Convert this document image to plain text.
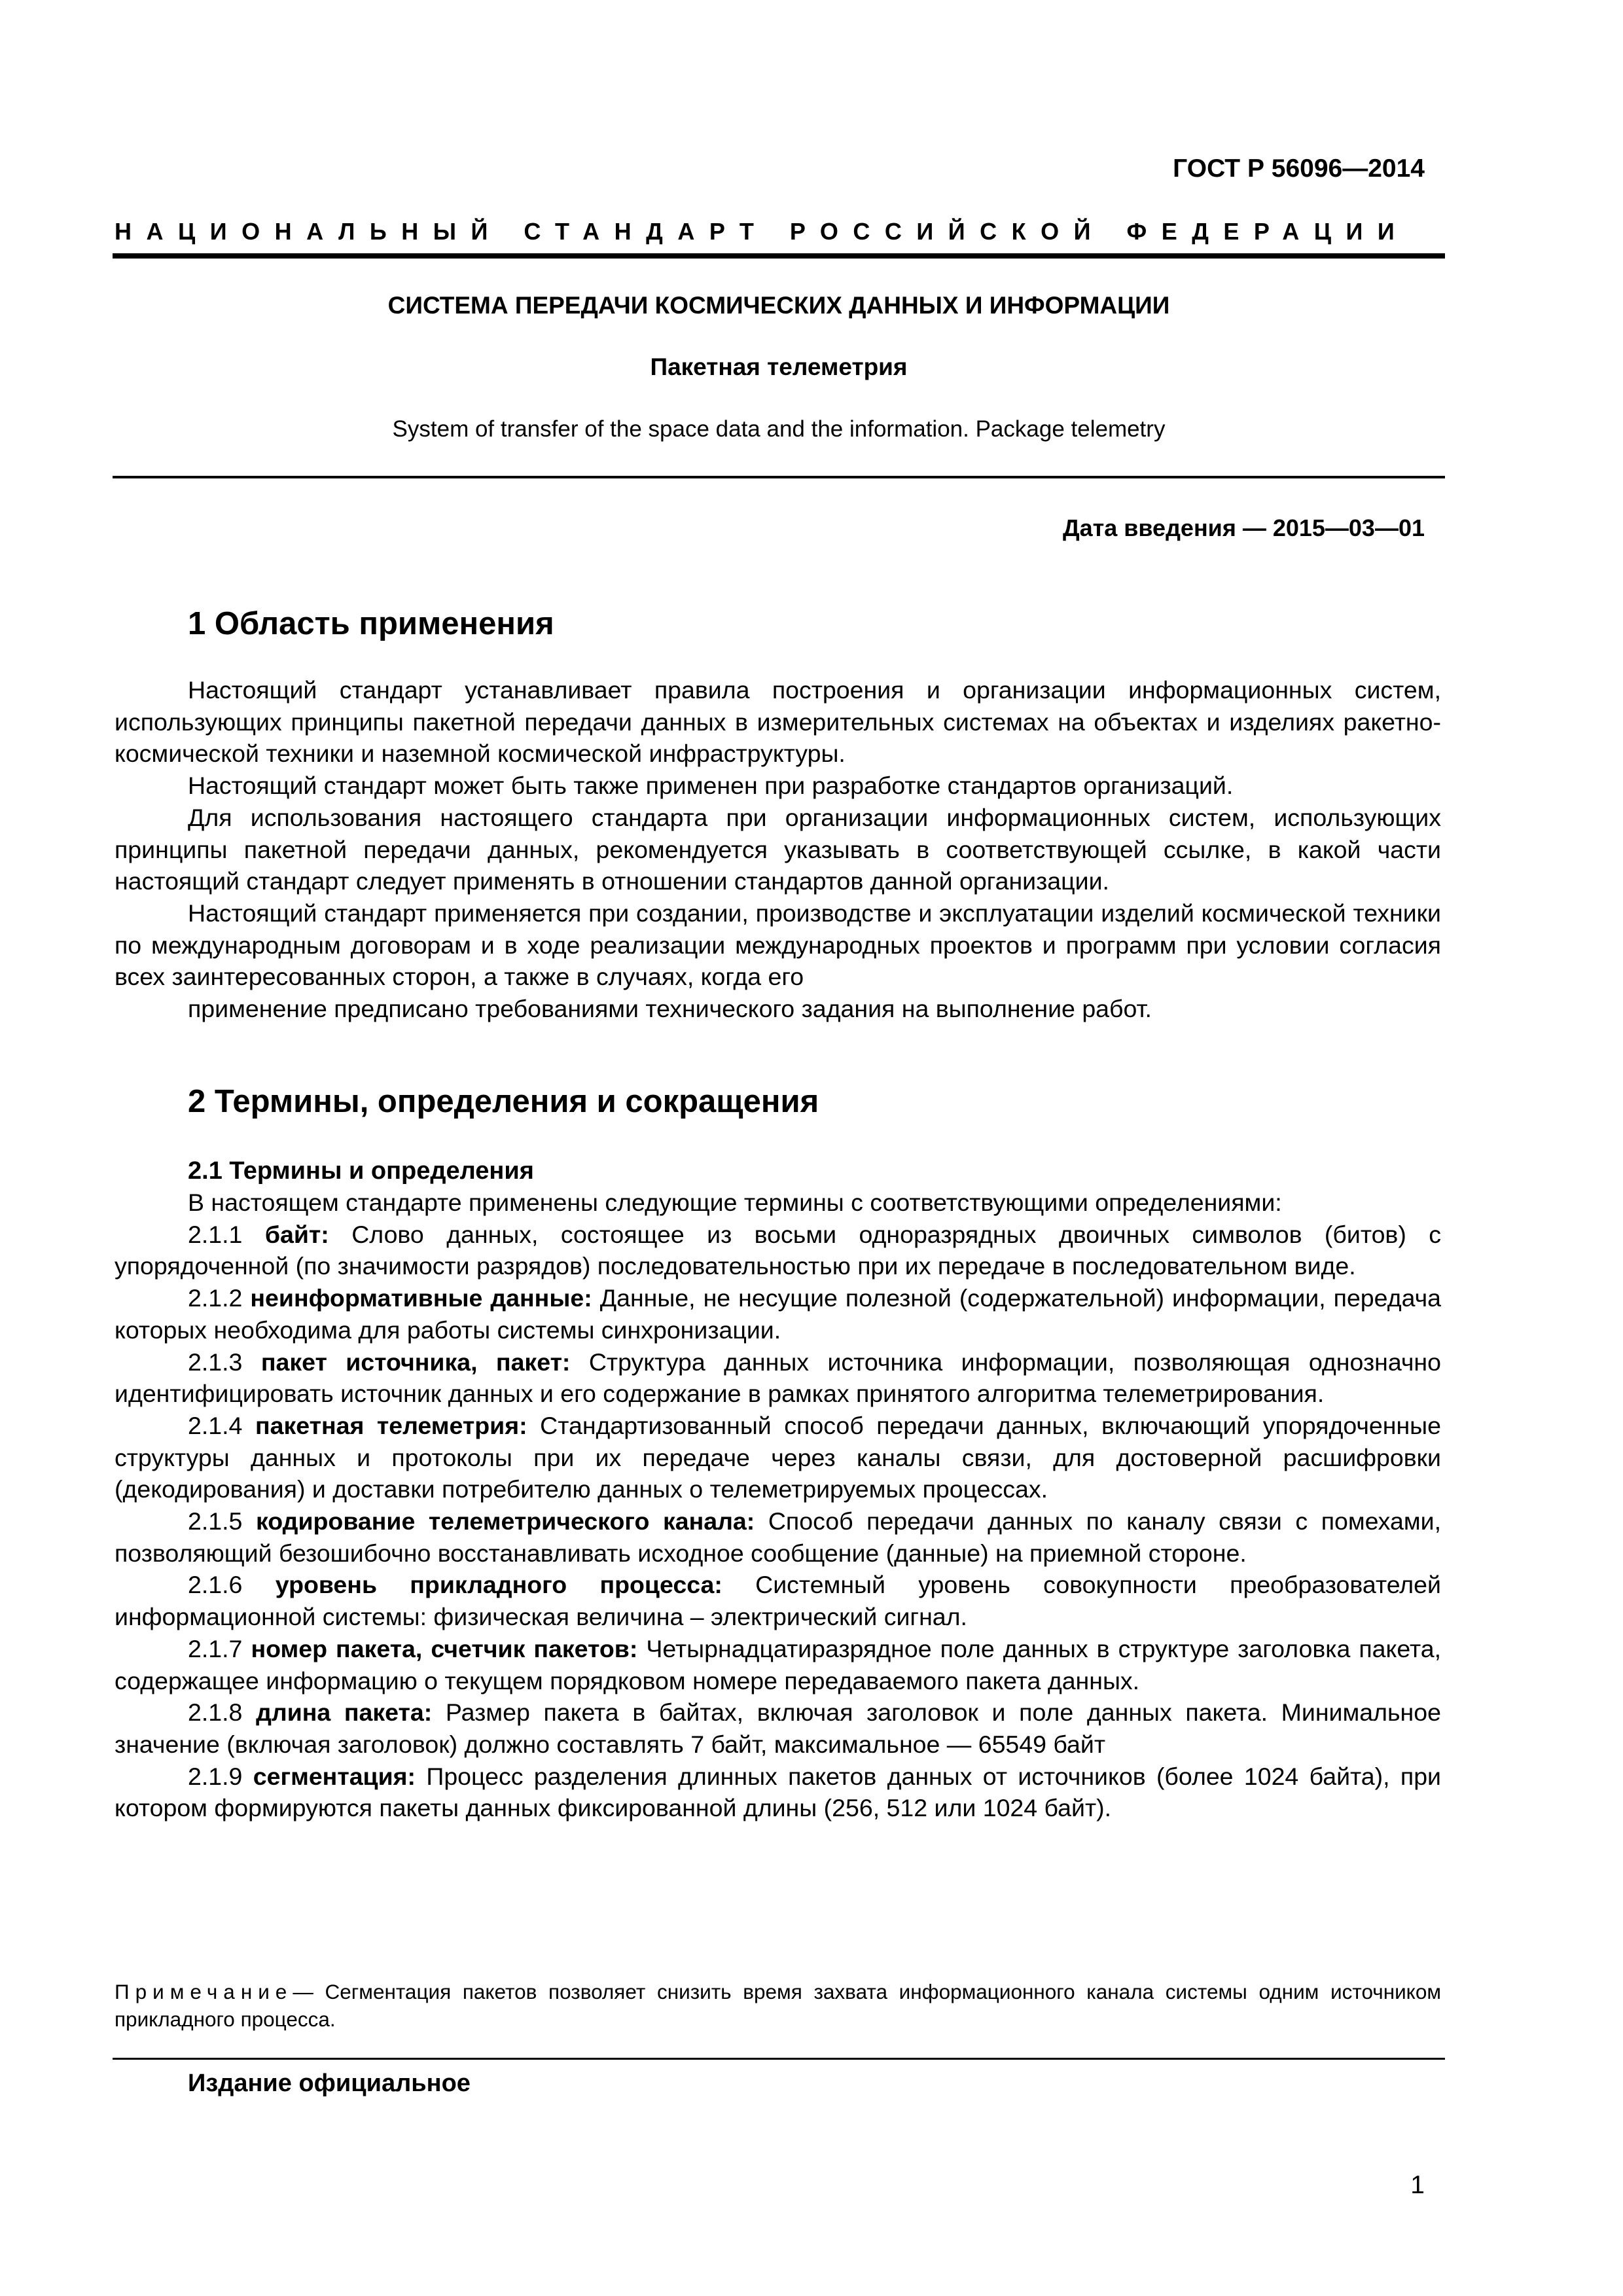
ГОСТ Р 56096—2014
НАЦИОНАЛЬНЫЙ СТАНДАРТ РОССИЙСКОЙ ФЕДЕРАЦИИ
СИСТЕМА ПЕРЕДАЧИ КОСМИЧЕСКИХ ДАННЫХ И ИНФОРМАЦИИ
Пакетная телеметрия
System of transfer of the space data and the information. Package telemetry
Дата введения — 2015—03—01
1 Область применения

Настоящий стандарт устанавливает правила построения и организации информационных систем, использующих принципы пакетной передачи данных в измерительных системах на объектах и изделиях ракетно-космической техники и наземной космической инфраструктуры.

Настоящий стандарт может быть также применен при разработке стандартов организаций.

Для использования настоящего стандарта при организации информационных систем, использующих принципы пакетной передачи данных, рекомендуется указывать в соответствующей ссылке, в какой части настоящий стандарт следует применять в отношении стандартов данной организации.

Настоящий стандарт применяется при создании, производстве и эксплуатации изделий космической техники по международным договорам и в ходе реализации международных проектов и программ при условии согласия всех заинтересованных сторон, а также в случаях, когда его

применение предписано требованиями технического задания на выполнение работ.

2 Термины, определения и сокращения
2.1 Термины и определения

В настоящем стандарте применены следующие термины с соответствующими определениями:

2.1.1 байт: Слово данных, состоящее из восьми одноразрядных двоичных символов (битов) с упорядоченной (по значимости разрядов) последовательностью при их передаче в последовательном виде.

2.1.2 неинформативные данные: Данные, не несущие полезной (содержательной) информации, передача которых необходима для работы системы синхронизации.

2.1.3 пакет источника, пакет: Структура данных источника информации, позволяющая однозначно идентифицировать источник данных и его содержание в рамках принятого алгоритма телеметрирования.

2.1.4 пакетная телеметрия: Стандартизованный способ передачи данных, включающий упорядоченные структуры данных и протоколы при их передаче через каналы связи, для достоверной расшифровки (декодирования) и доставки потребителю данных о телеметрируемых процессах.

2.1.5 кодирование телеметрического канала: Способ передачи данных по каналу связи с помехами, позволяющий безошибочно восстанавливать исходное сообщение (данные) на приемной стороне.

2.1.6 уровень прикладного процесса: Системный уровень совокупности преобразователей информационной системы: физическая величина – электрический сигнал.

2.1.7 номер пакета, счетчик пакетов: Четырнадцатиразрядное поле данных в структуре заголовка пакета, содержащее информацию о текущем порядковом номере передаваемого пакета данных.

2.1.8 длина пакета: Размер пакета в байтах, включая заголовок и поле данных пакета. Минимальное значение (включая заголовок) должно составлять 7 байт, максимальное — 65549 байт

2.1.9 сегментация: Процесс разделения длинных пакетов данных от источников (более 1024 байта), при котором формируются пакеты данных фиксированной длины (256, 512 или 1024 байт).

Примечание— Сегментация пакетов позволяет снизить время захвата информационного канала системы одним источником прикладного процесса.
Издание официальное
1
